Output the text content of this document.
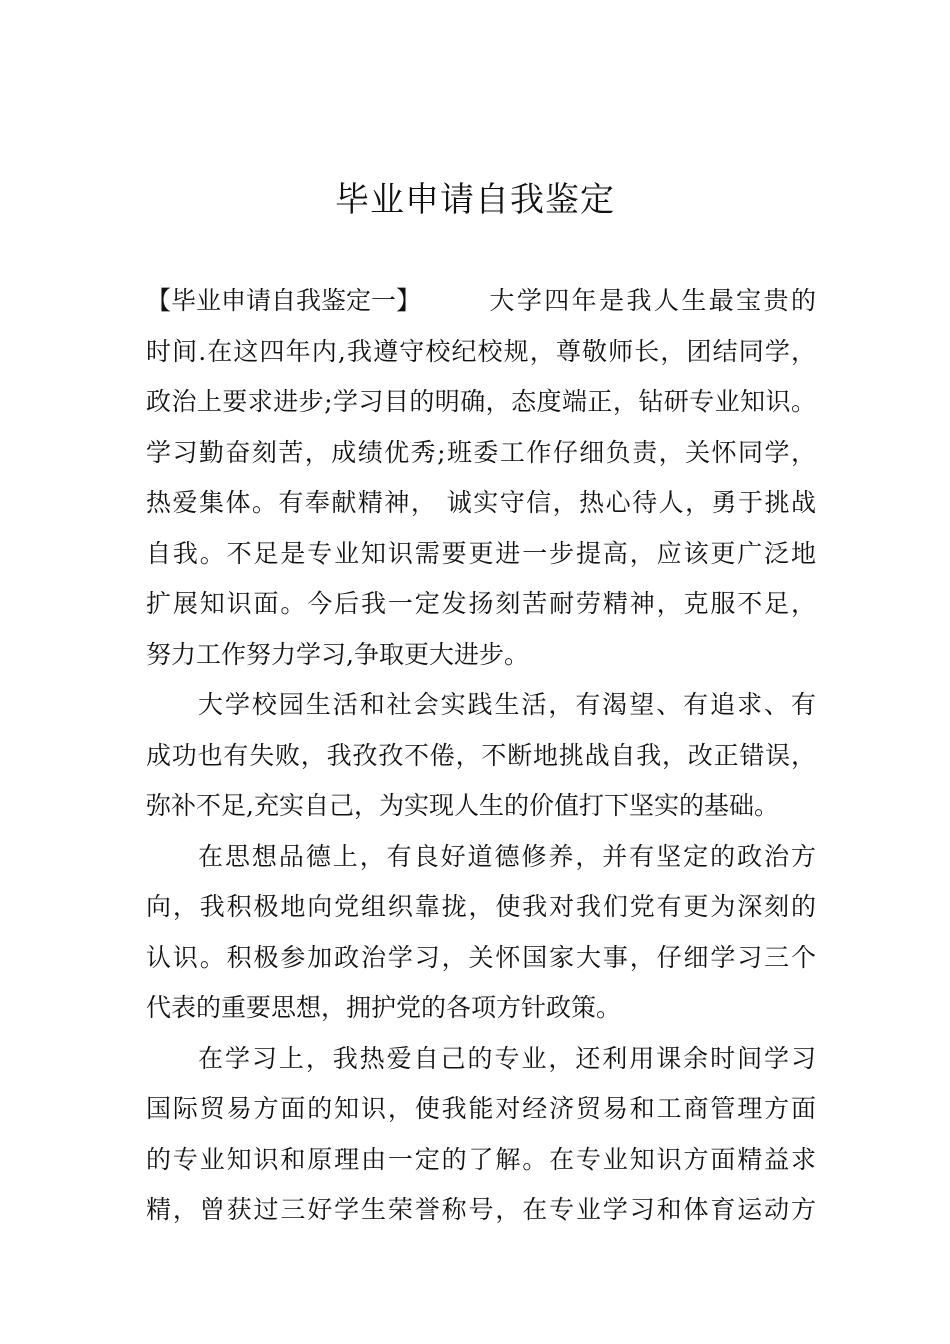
毕业申请自我鉴定
【毕业申请自我鉴定一】	大学四年是我人生最宝贵的
时间.在这四年内,我遵守校纪校规，尊敬师长，团结同学，
政治上要求进步;学习目的明确，态度端正，钻研专业知识。
学习勤奋刻苦，成绩优秀;班委工作仔细负责，关怀同学，
热爱集体。有奉献精神， 诚实守信，热心待人，勇于挑战
自我。不足是专业知识需要更进一步提高，应该更广泛地
扩展知识面。今后我一定发扬刻苦耐劳精神，克服不足，
努力工作努力学习,争取更大进步。
大学校园生活和社会实践生活，有渴望、有追求、有
成功也有失败，我孜孜不倦，不断地挑战自我，改正错误，
弥补不足,充实自己，为实现人生的价值打下坚实的基础。
在思想品德上，有良好道德修养，并有坚定的政治方
向，我积极地向党组织靠拢，使我对我们党有更为深刻的
认识。积极参加政治学习，关怀国家大事，仔细学习三个
代表的重要思想，拥护党的各项方针政策。
在学习上，我热爱自己的专业，还利用课余时间学习
国际贸易方面的知识，使我能对经济贸易和工商管理方面
的专业知识和原理由一定的了解。在专业知识方面精益求
精，曾获过三好学生荣誉称号，在专业学习和体育运动方
